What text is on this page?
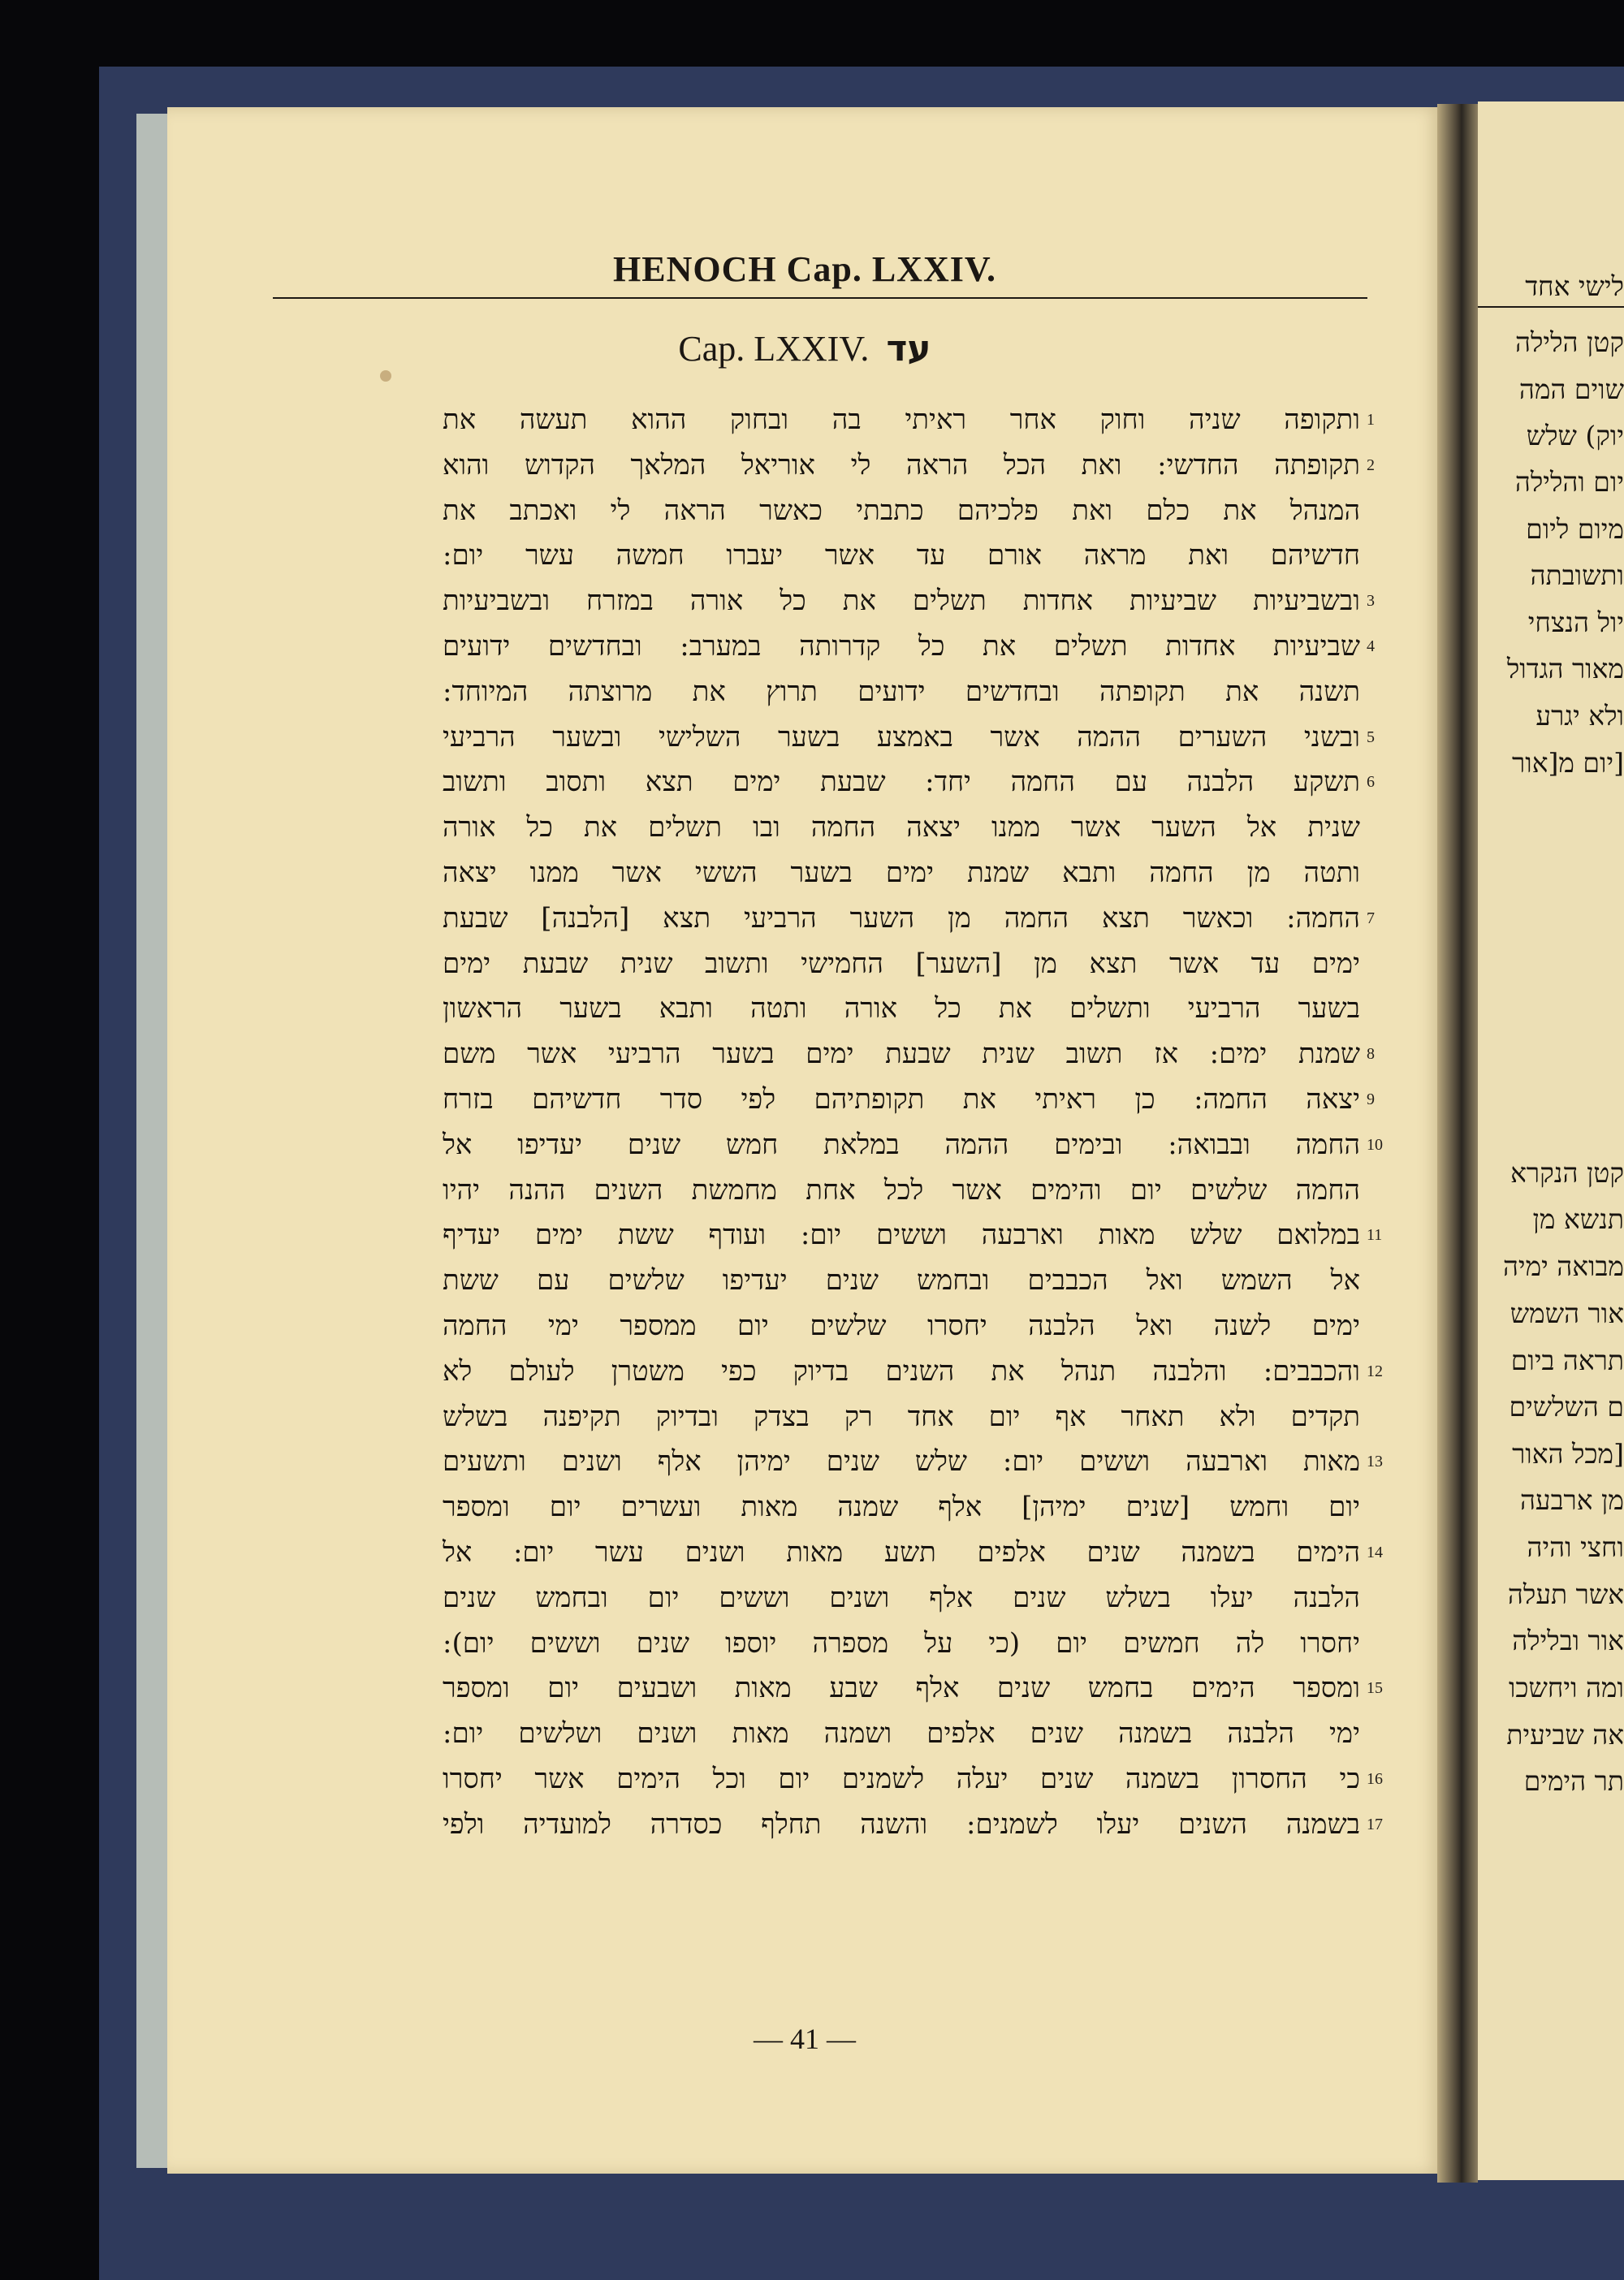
HENOCH Cap. LXXIV.
— 41 —
Cap. LXXIV. עד
ותקופה שניה וחוק אחר ראיתי בה ובחוק ההוא תעשה את 1
תקופתה החדשי: ואת הכל הראה לי אוריאל המלאך הקדוש והוא 2
המנהל את כלם ואת פלכיהם כתבתי כאשר הראה לי ואכתב את
חדשיהם ואת מראה אורם עד אשר יעברו חמשה עשר יום:
ובשביעיות שביעיות אחדות תשלים את כל אורה במזרח ובשביעיות 3
שביעיות אחדות תשלים את כל קדרותה במערב: ובחדשים ידועים 4
תשנה את תקופתה ובחדשים ידועים תרוץ את מרוצתה המיוחד:
ובשני השערים ההמה אשר באמצע בשער השלישי ובשער הרביעי 5
תשקע הלבנה עם החמה יחד: שבעת ימים תצא ותסוב ותשוב 6
שנית אל השער אשר ממנו יצאה החמה ובו תשלים את כל אורה
ותטה מן החמה ותבא שמנת ימים בשער הששי אשר ממנו יצאה
החמה: וכאשר תצא החמה מן השער הרביעי תצא [הלבנה] שבעת 7
ימים עד אשר תצא מן [השער] החמישי ותשוב שנית שבעת ימים
בשער הרביעי ותשלים את כל אורה ותטה ותבא בשער הראשון
שמנת ימים: אז תשוב שנית שבעת ימים בשער הרביעי אשר משם 8
יצאה החמה: כן ראיתי את תקופתיהם לפי סדר חדשיהם בזרח 9
החמה ובבואה: ובימים ההמה במלאת חמש שנים יעדיפו אל 10
החמה שלשים יום והימים אשר לכל אחת מחמשת השנים ההנה יהיו
במלואם שלש מאות וארבעה וששים יום: ועודף ששת ימים יעדיף 11
אל השמש ואל הכבבים ובחמש שנים יעדיפו שלשים עם ששת
ימים לשנה ואל הלבנה יחסרו שלשים יום ממספר ימי החמה
והכבבים: והלבנה תנהל את השנים בדיוק כפי משטרן לעולם לא 12
תקדים ולא תאחר אף יום אחד רק בצדק ובדיוק תקיפנה בשלש
מאות וארבעה וששים יום: שלש שנים ימיהן אלף ושנים ותשעים 13
יום וחמש [שנים ימיהן] אלף שמנה מאות ועשרים יום ומספר
הימים בשמנה שנים אלפים תשע מאות ושנים עשר יום: אל 14
הלבנה יעלו בשלש שנים אלף ושנים וששים יום ובחמש שנים
יחסרו לה חמשים יום (כי על מספרה יוספו שנים וששים יום):
ומספר הימים בחמש שנים אלף שבע מאות ושבעים יום ומספר 15
ימי הלבנה בשמנה שנים אלפים ושמנה מאות ושנים ושלשים יום:
כי החסרון בשמנה שנים יעלה לשמנים יום וכל הימים אשר יחסרו 16
בשמנה השנים יעלו לשמנים: והשנה תחלף כסדרה למועדיה ולפי 17
לישי אחד
קטן הלילה
שוים המה
יוק) שלש
יום והלילה
מיום ליום
ותשובתה
יול הנצחי
מאור הגדול
ולא יגרע
[יום מ[אור
קטן הנקרא
תנשא מן
מבואה ימיה
אור השמש
תראה ביום
ם השלשים
[מכל האור
מן ארבעה
וחצי והיה
אשר תעלה
אור ובלילה
ומה ויחשכו
אה שביעית
תר הימים
